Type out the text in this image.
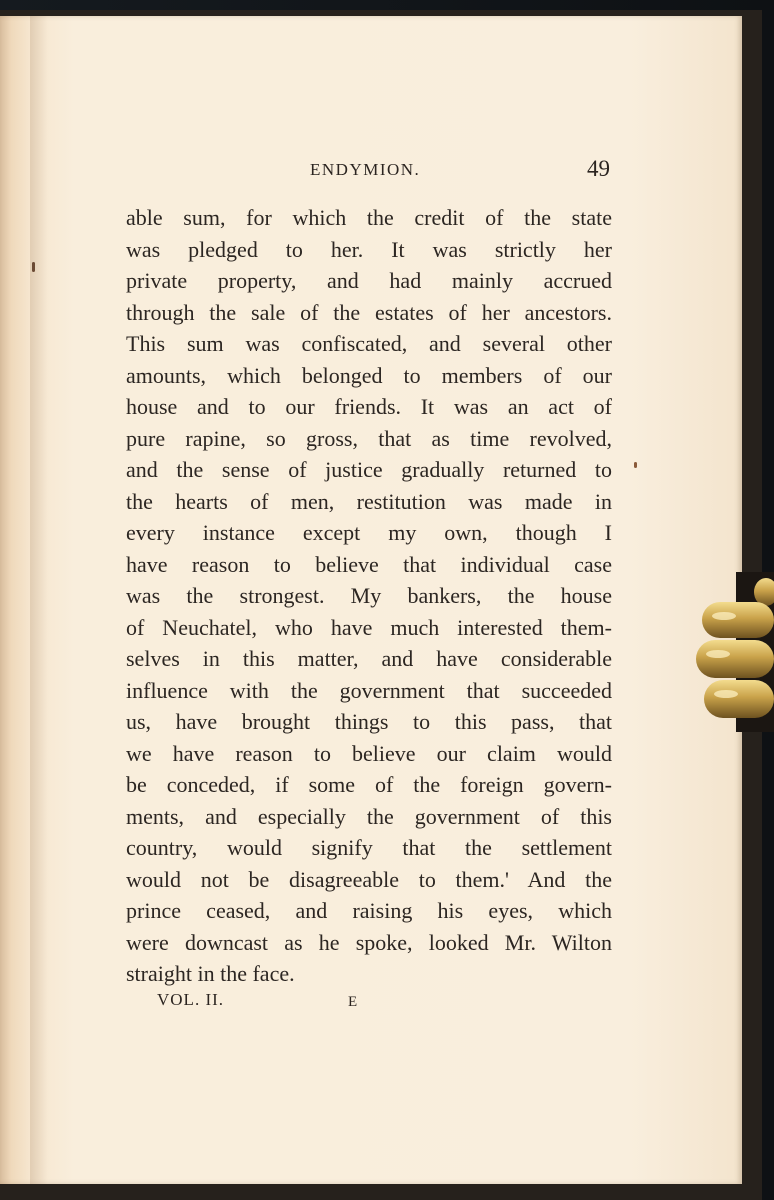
ENDYMION.	49
able sum, for which the credit of the state
was pledged to her. It was strictly her
private property, and had mainly accrued
through the sale of the estates of her ancestors.
This sum was confiscated, and several other
amounts, which belonged to members of our
house and to our friends. It was an act of
pure rapine, so gross, that as time revolved,
and the sense of justice gradually returned to
the hearts of men, restitution was made in
every instance except my own, though I
have reason to believe that individual case
was the strongest. My bankers, the house
of Neuchatel, who have much interested them-
selves in this matter, and have considerable
influence with the government that succeeded
us, have brought things to this pass, that
we have reason to believe our claim would
be conceded, if some of the foreign govern-
ments, and especially the government of this
country, would signify that the settlement
would not be disagreeable to them.' And the
prince ceased, and raising his eyes, which
were downcast as he spoke, looked Mr. Wilton
straight in the face.
VOL. II.	E
